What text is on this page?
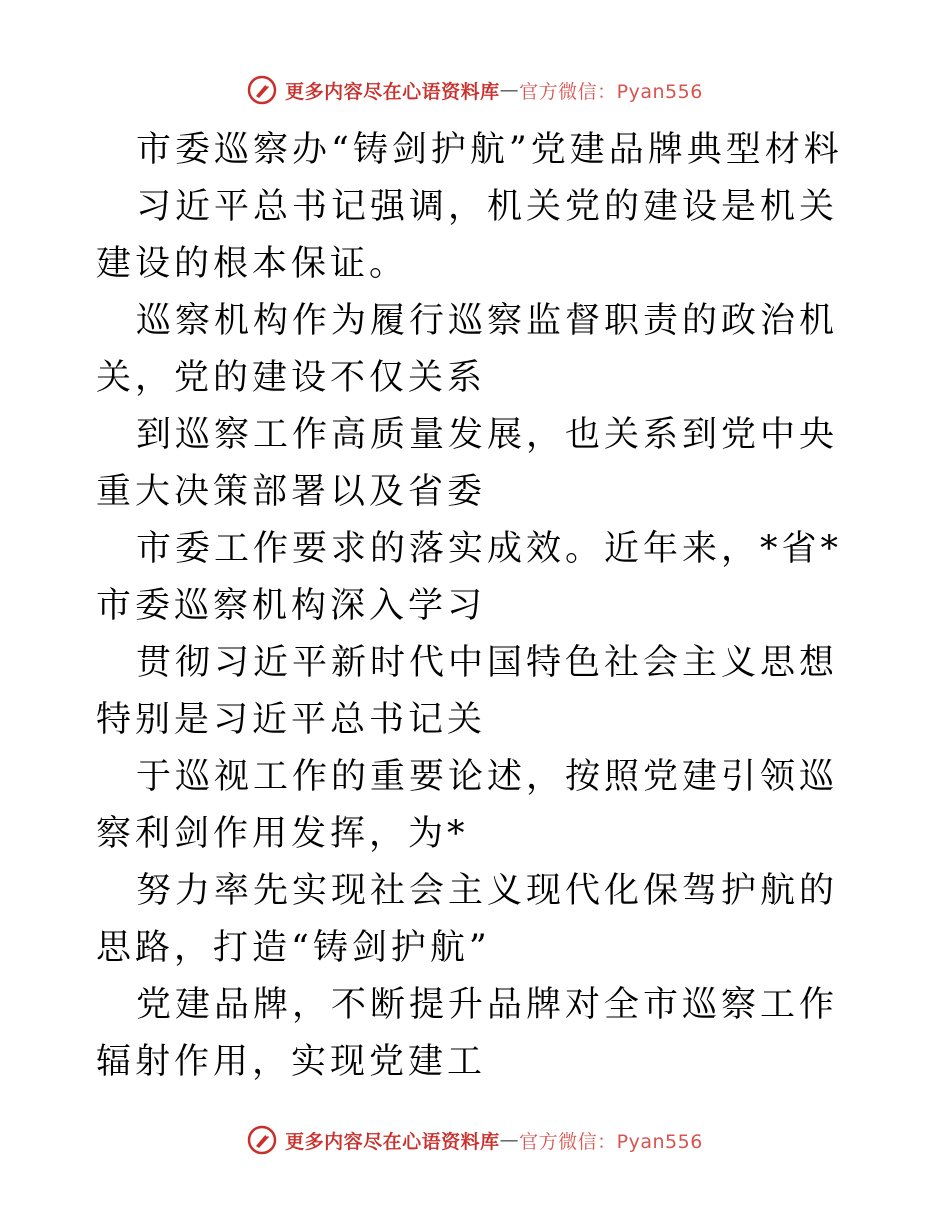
更多内容尽在心语资料库 — 官方微信：Pyan556

市委巡察办“铸剑护航”党建品牌典型材料

习近平总书记强调，机关党的建设是机关建设的根本保证。

巡察机构作为履行巡察监督职责的政治机关，党的建设不仅关系

到巡察工作高质量发展，也关系到党中央重大决策部署以及省委

市委工作要求的落实成效。近年来，*省*市委巡察机构深入学习

贯彻习近平新时代中国特色社会主义思想特别是习近平总书记关

于巡视工作的重要论述，按照党建引领巡察利剑作用发挥，为*

努力率先实现社会主义现代化保驾护航的思路，打造“铸剑护航”

党建品牌，不断提升品牌对全市巡察工作辐射作用，实现党建工

更多内容尽在心语资料库 — 官方微信：Pyan556
